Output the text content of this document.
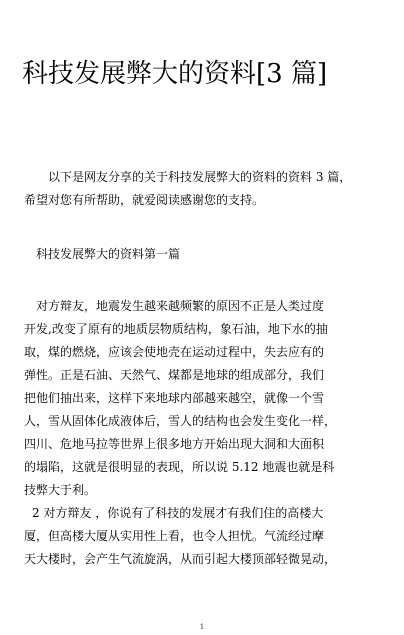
科技发展弊大的资料[3 篇]
以下是网友分享的关于科技发展弊大的资料的资料 3 篇，
希望对您有所帮助，就爱阅读感谢您的支持。
科技发展弊大的资料第一篇
对方辩友，地震发生越来越频繁的原因不正是人类过度
开发,改变了原有的地质层物质结构，象石油，地下水的抽
取，煤的燃烧，应该会使地壳在运动过程中，失去应有的
弹性。正是石油、天然气、煤都是地球的组成部分，我们
把他们抽出来，这样下来地球内部越来越空，就像一个雪
人，雪从固体化成液体后，雪人的结构也会发生变化一样，
四川、危地马拉等世界上很多地方开始出现大洞和大面积
的塌陷，这就是很明显的表现，所以说 5.12 地震也就是科
技弊大于利。
2 对方辩友 ，你说有了科技的发展才有我们住的高楼大
厦，但高楼大厦从实用性上看，也令人担忧。气流经过摩
天大楼时，会产生气流旋涡，从而引起大楼顶部轻微晃动，
1
